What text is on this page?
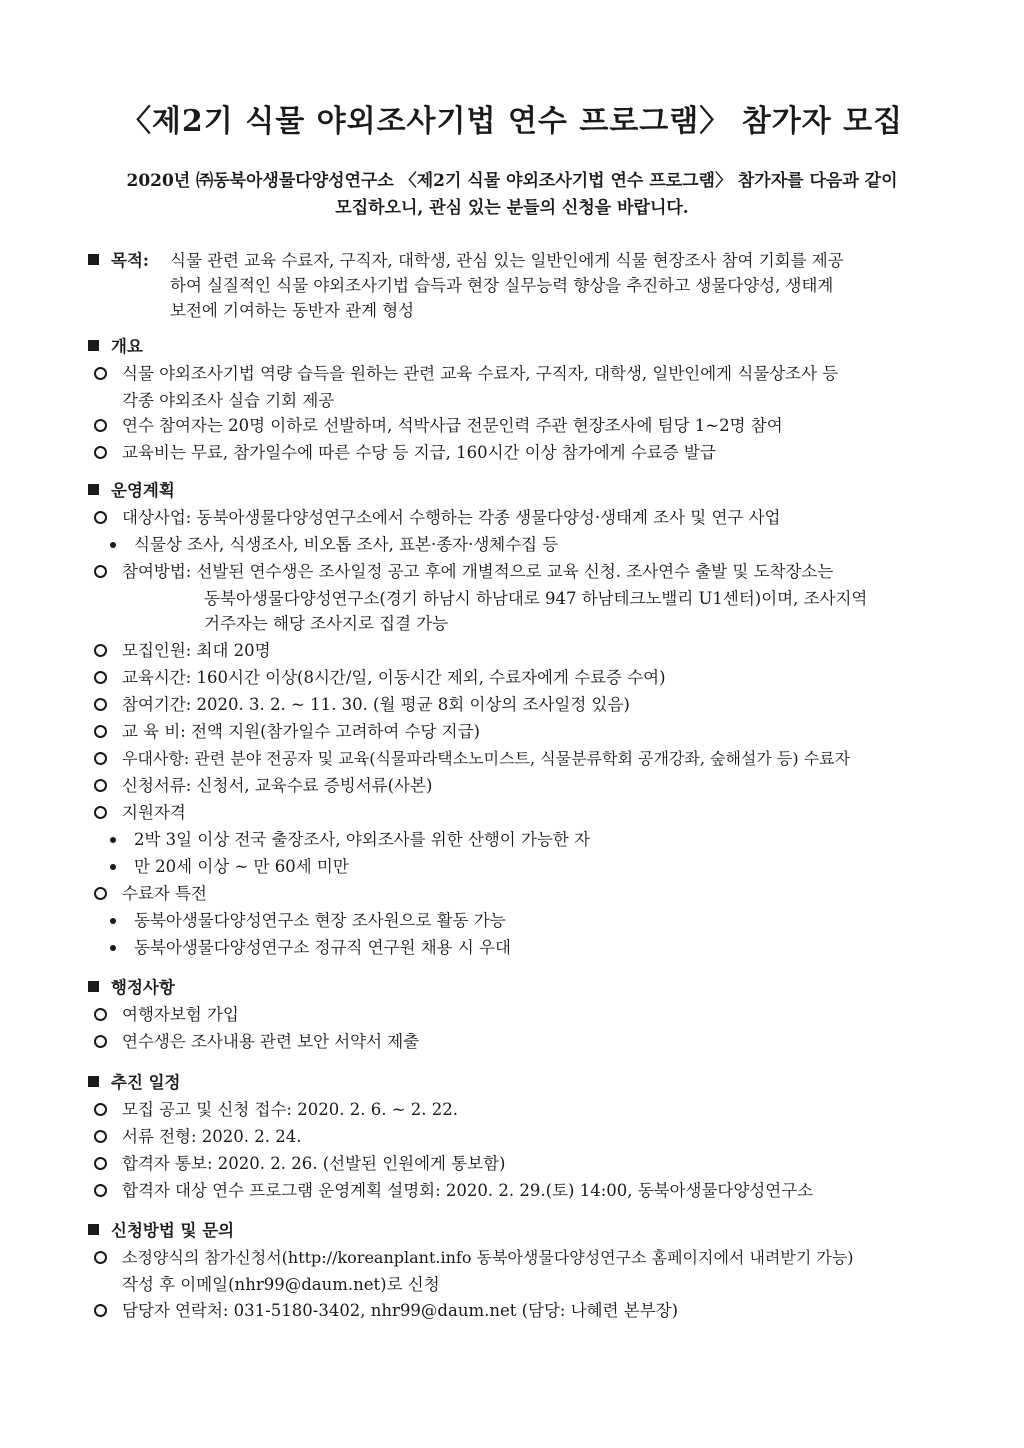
〈제2기 식물 야외조사기법 연수 프로그램〉 참가자 모집
2020년 ㈜동북아생물다양성연구소 〈제2기 식물 야외조사기법 연수 프로그램〉 참가자를 다음과 같이
모집하오니, 관심 있는 분들의 신청을 바랍니다.
목적: 식물 관련 교육 수료자, 구직자, 대학생, 관심 있는 일반인에게 식물 현장조사 참여 기회를 제공
하여 실질적인 식물 야외조사기법 습득과 현장 실무능력 향상을 추진하고 생물다양성, 생태계
보전에 기여하는 동반자 관계 형성
개요
식물 야외조사기법 역량 습득을 원하는 관련 교육 수료자, 구직자, 대학생, 일반인에게 식물상조사 등
각종 야외조사 실습 기회 제공
연수 참여자는 20명 이하로 선발하며, 석박사급 전문인력 주관 현장조사에 팀당 1~2명 참여
교육비는 무료, 참가일수에 따른 수당 등 지급, 160시간 이상 참가에게 수료증 발급
운영계획
대상사업: 동북아생물다양성연구소에서 수행하는 각종 생물다양성·생태계 조사 및 연구 사업
식물상 조사, 식생조사, 비오톱 조사, 표본·종자·생체수집 등
참여방법: 선발된 연수생은 조사일정 공고 후에 개별적으로 교육 신청. 조사연수 출발 및 도착장소는
동북아생물다양성연구소(경기 하남시 하남대로 947 하남테크노밸리 U1센터)이며, 조사지역
거주자는 해당 조사지로 집결 가능
모집인원: 최대 20명
교육시간: 160시간 이상(8시간/일, 이동시간 제외, 수료자에게 수료증 수여)
참여기간: 2020. 3. 2. ~ 11. 30. (월 평균 8회 이상의 조사일정 있음)
교 육 비: 전액 지원(참가일수 고려하여 수당 지급)
우대사항: 관련 분야 전공자 및 교육(식물파라택소노미스트, 식물분류학회 공개강좌, 숲해설가 등) 수료자
신청서류: 신청서, 교육수료 증빙서류(사본)
지원자격
2박 3일 이상 전국 출장조사, 야외조사를 위한 산행이 가능한 자
만 20세 이상 ~ 만 60세 미만
수료자 특전
동북아생물다양성연구소 현장 조사원으로 활동 가능
동북아생물다양성연구소 정규직 연구원 채용 시 우대
행정사항
여행자보험 가입
연수생은 조사내용 관련 보안 서약서 제출
추진 일정
모집 공고 및 신청 접수: 2020. 2. 6. ~ 2. 22.
서류 전형: 2020. 2. 24.
합격자 통보: 2020. 2. 26. (선발된 인원에게 통보함)
합격자 대상 연수 프로그램 운영계획 설명회: 2020. 2. 29.(토) 14:00, 동북아생물다양성연구소
신청방법 및 문의
소정양식의 참가신청서(http://koreanplant.info 동북아생물다양성연구소 홈페이지에서 내려받기 가능)
작성 후 이메일(nhr99@daum.net)로 신청
담당자 연락처: 031-5180-3402, nhr99@daum.net (담당: 나혜련 본부장)
